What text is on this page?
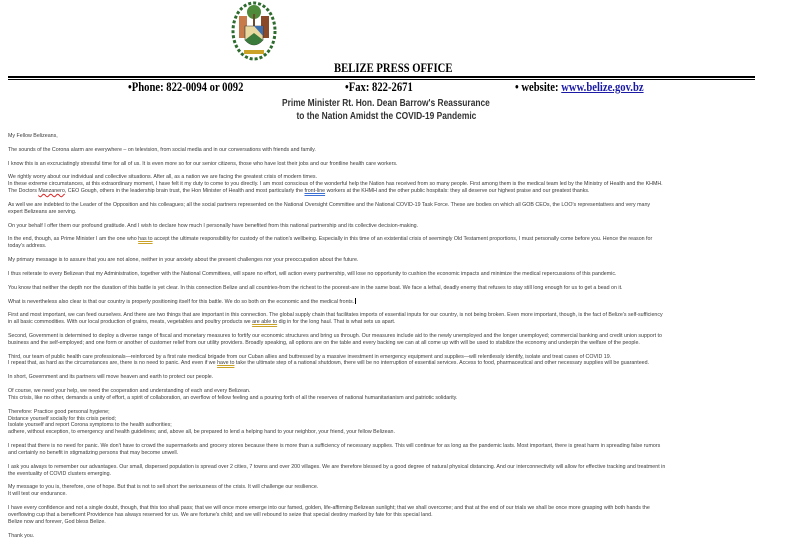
BELIZE PRESS OFFICE
•Phone: 822-0094 or 0092	•Fax: 822-2671	• website: www.belize.gov.bz
Prime Minister Rt. Hon. Dean Barrow's Reassurance
to the Nation Amidst the COVID-19 Pandemic
My Fellow Belizeans,
The sounds of the Corona alarm are everywhere – on television, from social media and in our conversations with friends and family.
I know this is an excruciatingly stressful time for all of us. It is even more so for our senior citizens, those who have lost their jobs and our frontline health care workers.
We rightly worry about our individual and collective situations. After all, as a nation we are facing the greatest crisis of modern times.
In these extreme circumstances, at this extraordinary moment, I have felt it my duty to come to you directly. I am most conscious of the wonderful help the Nation has received from so many people. First among them is the medical team led by the Ministry of Health and the KHMH.
The Doctors Manzanero, CEO Gough, others in the leadership brain trust, the Hon Minister of Health and most particularly the front-line workers at the KHMH and the other public hospitals: they all deserve our highest praise and our greatest thanks.
As well we are indebted to the Leader of the Opposition and his colleagues; all the social partners represented on the National Oversight Committee and the National COVID-19 Task Force. These are bodies on which all GOB CEOs, the LOO's representatives and very many
expert Belizeans are serving.
On your behalf I offer them our profound gratitude. And I wish to declare how much I personally have benefited from this national partnership and its collective decision-making.
In the end, though, as Prime Minister I am the one who has to accept the ultimate responsibility for custody of the nation's wellbeing. Especially in this time of an existential crisis of seemingly Old Testament proportions, I must personally come before you. Hence the reason for
today's address.
My primary message is to assure that you are not alone, neither in your anxiety about the present challenges nor your preoccupation about the future.
I thus reiterate to every Belizean that my Administration, together with the National Committees, will spare no effort, will action every partnership, will lose no opportunity to cushion the economic impacts and minimize the medical repercussions of this pandemic.
You know that neither the depth nor the duration of this battle is yet clear. In this connection Belize and all countries-from the richest to the poorest-are in the same boat. We face a lethal, deadly enemy that refuses to stay still long enough for us to get a bead on it.
What is nevertheless also clear is that our country is properly positioning itself for this battle. We do so both on the economic and the medical fronts.
First and most important, we can feed ourselves. And there are two things that are important in this connection. The global supply chain that facilitates imports of essential inputs for our country, is not being broken. Even more important, though, is the fact of Belize's self-sufficiency
in all basic commodities. With our local production of grains, meats, vegetables and poultry products we are able to dig in for the long haul. That is what sets us apart.
Second, Government is determined to deploy a diverse range of fiscal and monetary measures to fortify our economic structures and bring us through. Our measures include aid to the newly unemployed and the longer unemployed; commercial banking and credit union support to
business and the self-employed; and one form or another of customer relief from our utility providers. Broadly speaking, all options are on the table and every backing we can at all come up with will be used to stabilize the economy and underpin the welfare of the people.
Third, our team of public health care professionals—reinforced by a first rate medical brigade from our Cuban allies and buttressed by a massive investment in emergency equipment and supplies—will relentlessly identify, isolate and treat cases of COVID 19.
I repeat that, as hard as the circumstances are, there is no need to panic. And even if we have to take the ultimate step of a national shutdown, there will be no interruption of essential services. Access to food, pharmaceutical and other necessary supplies will be guaranteed.
In short, Government and its partners will move heaven and earth to protect our people.
Of course, we need your help, we need the cooperation and understanding of each and every Belizean.
This crisis, like no other, demands a unity of effort, a spirit of collaboration, an overflow of fellow feeling and a pouring forth of all the reserves of national humanitarianism and patriotic solidarity.
Therefore: Practice good personal hygiene;
Distance yourself socially for this crisis period;
Isolate yourself and report Corona symptoms to the health authorities;
adhere, without exception, to emergency and health guidelines; and, above all, be prepared to lend a helping hand to your neighbor, your friend, your fellow Belizean.
I repeat that there is no need for panic. We don't have to crowd the supermarkets and grocery stores because there is more than a sufficiency of necessary supplies. This will continue for as long as the pandemic lasts. Most important, there is great harm in spreading false rumors
and certainly no benefit in stigmatizing persons that may become unwell.
I ask you always to remember our advantages. Our small, dispersed population is spread over 2 cities, 7 towns and over 200 villages. We are therefore blessed by a good degree of natural physical distancing. And our interconnectivity will allow for effective tracking and treatment in
the eventuality of COVID clusters emerging.
My message to you is, therefore, one of hope. But that is not to sell short the seriousness of the crisis. It will challenge our resilience.
It will test our endurance.
I have every confidence and not a single doubt, though, that this too shall pass; that we will once more emerge into our famed, golden, life-affirming Belizean sunlight; that we shall overcome; and that at the end of our trials we shall be once more grasping with both hands the
overflowing cup that a beneficent Providence has always reserved for us. We are fortune's child; and we will rebound to seize that special destiny marked by fate for this special land.
Belize now and forever, God bless Belize.
Thank you.
